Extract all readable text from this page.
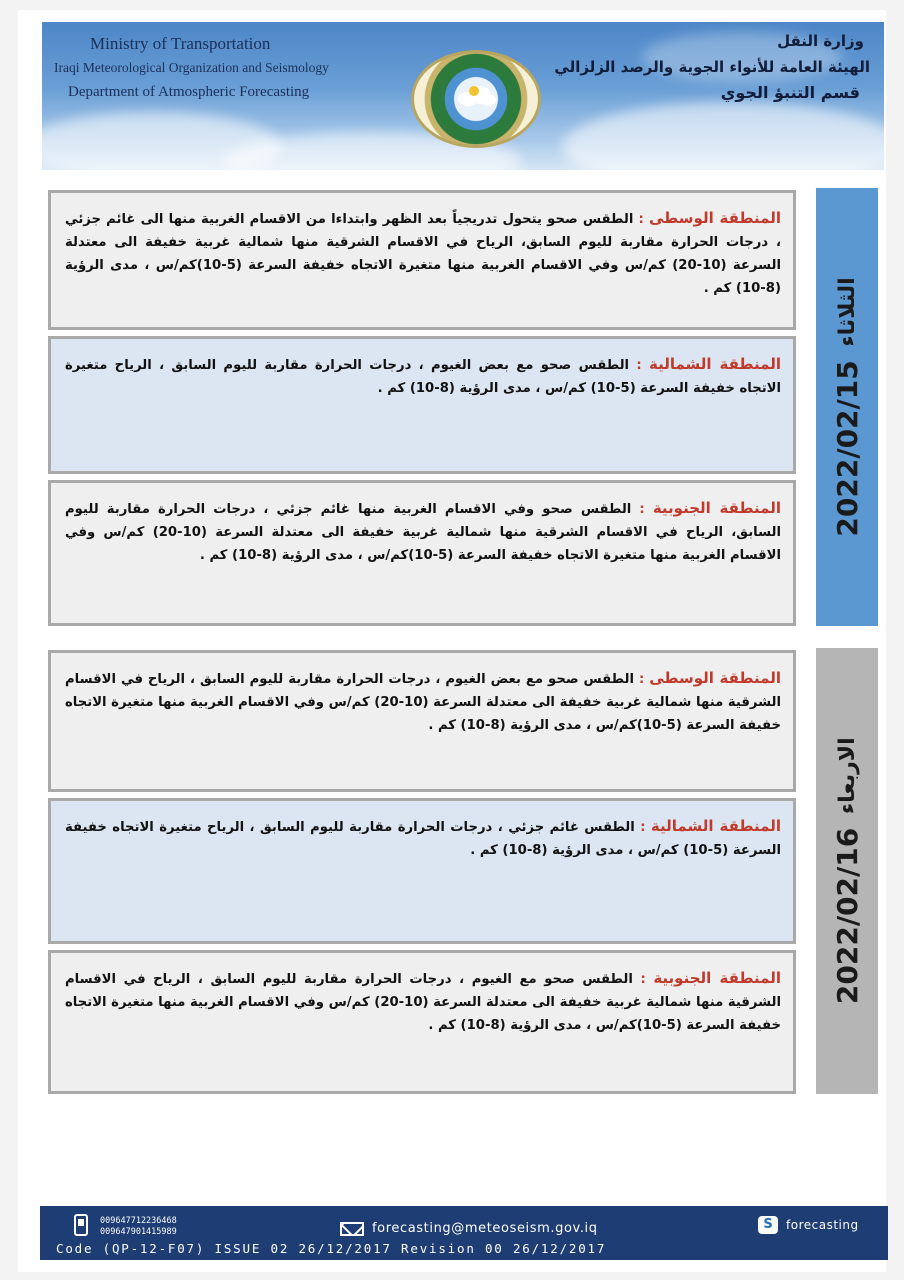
Ministry of Transportation
Iraqi Meteorological Organization and Seismology
Department of Atmospheric Forecasting
وزارة النقل
الهيئة العامة للأنواء الجوية والرصد الزلزالي
قسم التنبؤ الجوي
2022/02/15
الثلاثاء
المنطقة الوسطى : الطقس صحو يتحول تدريجياً بعد الظهر وابتداءا من الاقسام الغربية منها الى غائم جزئي ، درجات الحرارة مقاربة لليوم السابق، الرياح في الاقسام الشرقية منها شمالية غربية خفيفة الى معتدلة السرعة (10-20) كم/س وفي الاقسام الغربية منها متغيرة الاتجاه خفيفة السرعة (5-10)كم/س ، مدى الرؤية (8-10) كم .
المنطقة الشمالية : الطقس صحو مع بعض الغيوم ، درجات الحرارة مقاربة لليوم السابق ، الرياح متغيرة الاتجاه خفيفة السرعة (5-10) كم/س ، مدى الرؤية (8-10) كم .
المنطقة الجنوبية : الطقس صحو وفي الاقسام الغربية منها غائم جزئي ، درجات الحرارة مقاربة لليوم السابق، الرياح في الاقسام الشرقية منها شمالية غربية خفيفة الى معتدلة السرعة (10-20) كم/س وفي الاقسام الغربية منها متغيرة الاتجاه خفيفة السرعة (5-10)كم/س ، مدى الرؤية (8-10) كم .
2022/02/16
الاربعاء
المنطقة الوسطى : الطقس صحو مع بعض الغيوم ، درجات الحرارة مقاربة لليوم السابق ، الرياح في الاقسام الشرقية منها شمالية غربية خفيفة الى معتدلة السرعة (10-20) كم/س وفي الاقسام الغربية منها متغيرة الاتجاه خفيفة السرعة (5-10)كم/س ، مدى الرؤية (8-10) كم .
المنطقة الشمالية : الطقس غائم جزئي ، درجات الحرارة مقاربة لليوم السابق ، الرياح متغيرة الاتجاه خفيفة السرعة (5-10) كم/س ، مدى الرؤية (8-10) كم .
المنطقة الجنوبية : الطقس صحو مع الغيوم ، درجات الحرارة مقاربة لليوم السابق ، الرياح في الاقسام الشرقية منها شمالية غربية خفيفة الى معتدلة السرعة (10-20) كم/س وفي الاقسام الغربية منها متغيرة الاتجاه خفيفة السرعة (5-10)كم/س ، مدى الرؤية (8-10) كم .
009647712236468
009647901415989	forecasting@meteoseism.gov.iq	S	forecasting
Code (QP-12-F07) ISSUE 02 26/12/2017 Revision 00 26/12/2017
